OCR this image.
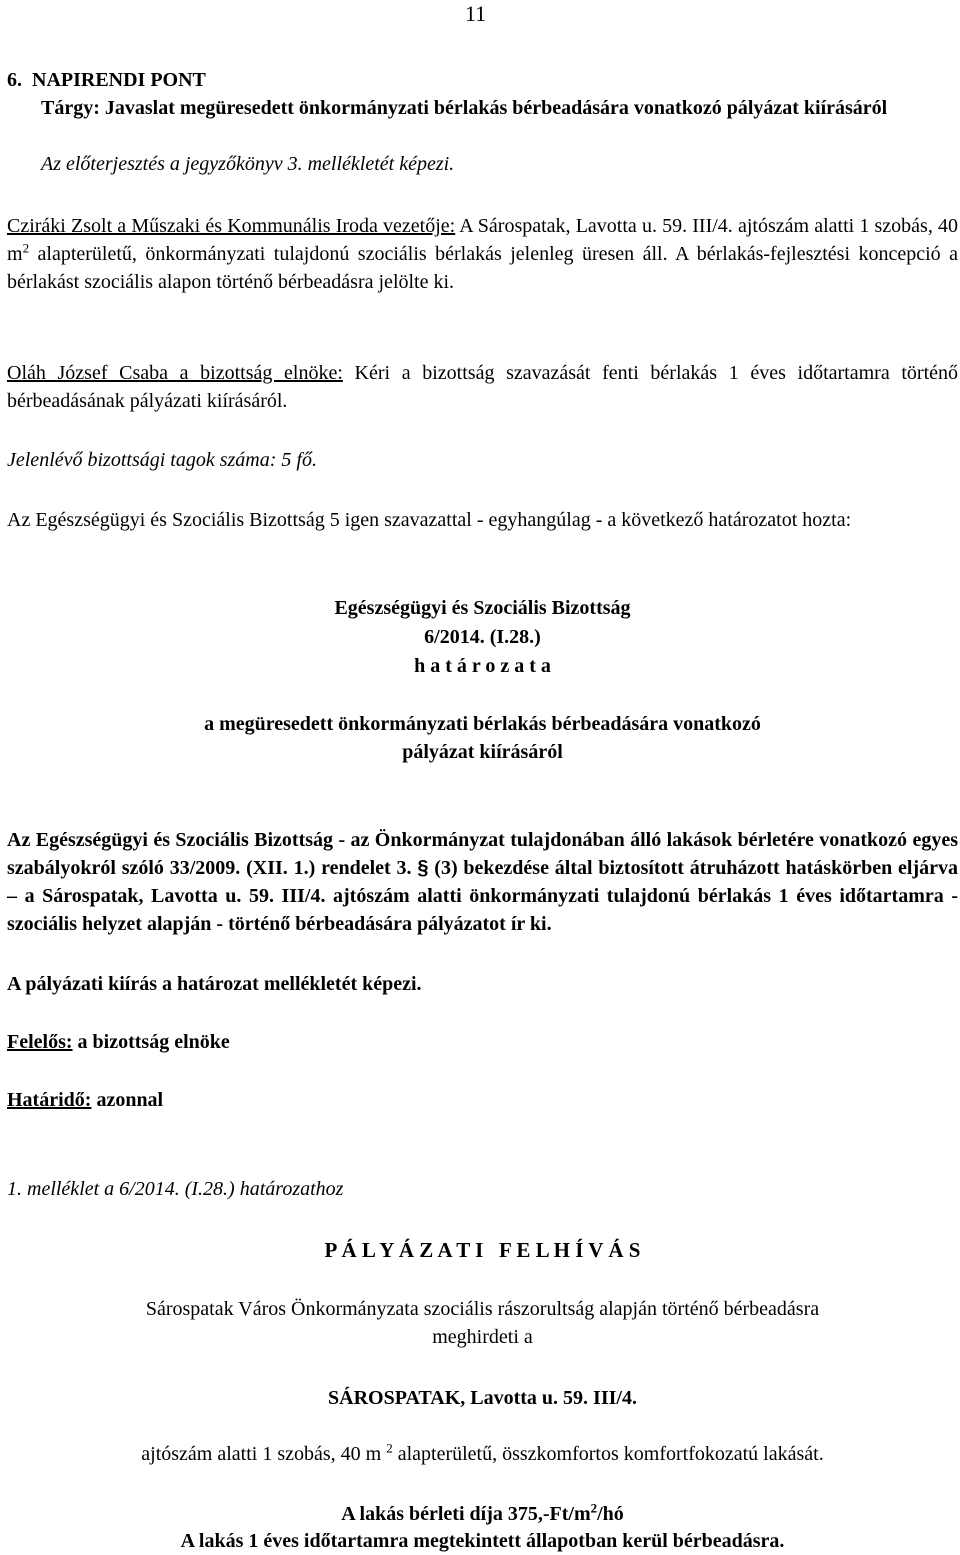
11

6.  NAPIRENDI PONT

Tárgy: Javaslat megüresedett önkormányzati bérlakás bérbeadására vonatkozó pályázat kiírásáról

Az előterjesztés a jegyzőkönyv 3. mellékletét képezi.
Cziráki Zsolt a Műszaki és Kommunális Iroda vezetője: A Sárospatak, Lavotta u. 59. III/4. ajtószám alatti 1 szobás, 40 $m^2$ alapterületű, önkormányzati tulajdonú szociális bérlakás jelenleg üresen áll. A bérlakás-fejlesztési koncepció a bérlakást szociális alapon történő bérbeadásra jelölte ki.
Oláh József Csaba a bizottság elnöke: Kéri a bizottság szavazását fenti bérlakás 1 éves időtartamra történő bérbeadásának pályázati kiírásáról.
Jelenlévő bizottsági tagok száma: 5 fő.
Az Egészségügyi és Szociális Bizottság 5 igen szavazattal - egyhangúlag - a következő határozatot hozta:

Egészségügyi és Szociális Bizottság

6/2014. (I.28.)

h a t á r o z a t a

a megüresedett önkormányzati bérlakás bérbeadására vonatkozó

pályázat kiírásáról

Az Egészségügyi és Szociális Bizottság - az Önkormányzat tulajdonában álló lakások bérletére vonatkozó egyes szabályokról szóló 33/2009. (XII. 1.) rendelet 3. § (3) bekezdése által biztosított átruházott hatáskörben eljárva – a Sárospatak, Lavotta u. 59. III/4. ajtószám alatti önkormányzati tulajdonú bérlakás 1 éves időtartamra - szociális helyzet alapján - történő bérbeadására pályázatot ír ki.
A pályázati kiírás a határozat mellékletét képezi.
Felelős: a bizottság elnöke
Határidő: azonnal
1. melléklet a 6/2014. (I.28.) határozathoz
P Á L Y Á Z A T I   F E L H Í V Á S

Sárospatak Város Önkormányzata szociális rászorultság alapján történő bérbeadásra

meghirdeti a

SÁROSPATAK, Lavotta u. 59. III/4.
ajtószám alatti 1 szobás, 40 m $^2$ alapterületű, összkomfortos komfortfokozatú lakását.
A lakás bérleti díja $375,-Ft/m^2/hó$
A lakás 1 éves időtartamra megtekintett állapotban kerül bérbeadásra.
